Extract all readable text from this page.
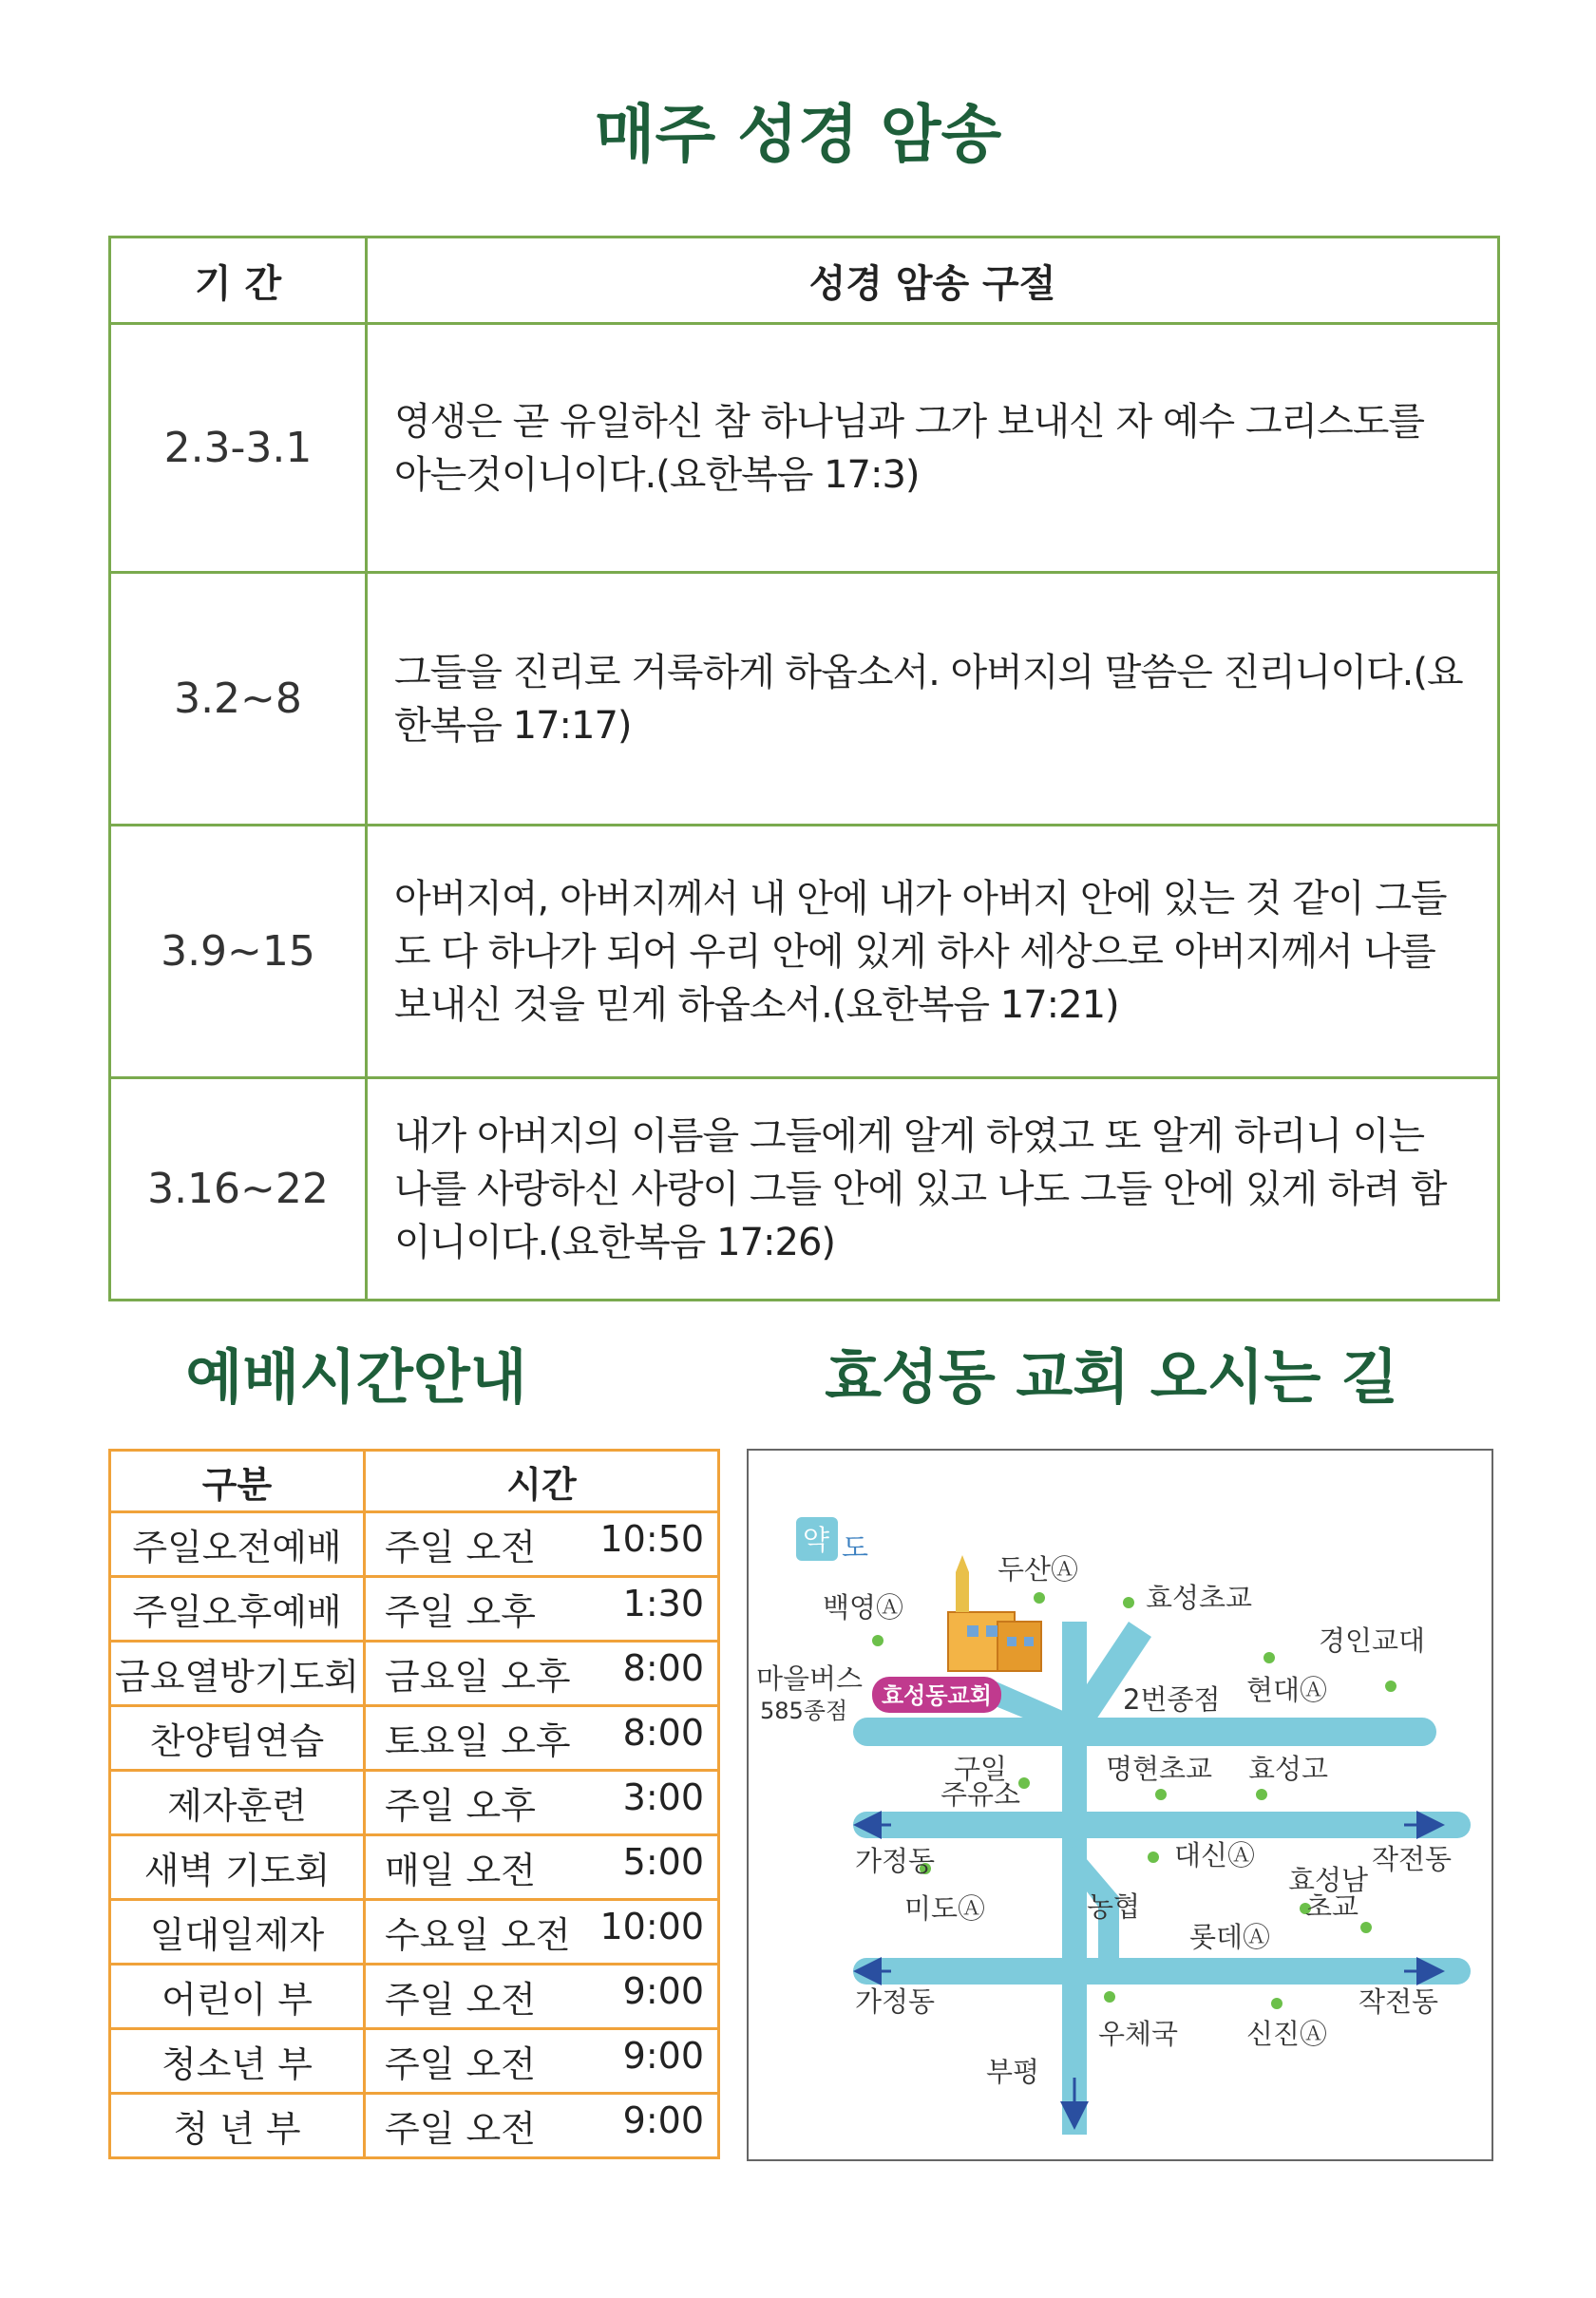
매주 성경 암송
기 간	성경 암송 구절
2.3-3.1	영생은 곧 유일하신 참 하나님과 그가 보내신 자 예수 그리스도를 아는것이니이다.(요한복음 17:3)
3.2~8	그들을 진리로 거룩하게 하옵소서. 아버지의 말씀은 진리니이다.(요한복음 17:17)
3.9~15	아버지여, 아버지께서 내 안에 내가 아버지 안에 있는 것 같이 그들도 다 하나가 되어 우리 안에 있게 하사 세상으로 아버지께서 나를 보내신 것을 믿게 하옵소서.(요한복음 17:21)
3.16~22	내가 아버지의 이름을 그들에게 알게 하였고 또 알게 하리니 이는 나를 사랑하신 사랑이 그들 안에 있고 나도 그들 안에 있게 하려 함이니이다.(요한복음 17:26)
예배시간안내	효성동 교회 오시는 길
구분	시간
주일오전예배	주일 오전 10:50

주일오후예배	주일 오후 1:30

금요열방기도회	금요일 오후 8:00

찬양팀연습	토요일 오후 8:00

제자훈련	주일 오후 3:00

새벽 기도회	매일 오전 5:00

일대일제자	수요일 오전 10:00

어린이 부	주일 오전 9:00

청소년 부	주일 오전 9:00

청 년 부	주일 오전 9:00
약 도
효성동교회
백영Ⓐ
두산Ⓐ
효성초교
경인교대
마을버스
585종점	2번종점 현대Ⓐ
구일
주유소
명현초교 효성고
가정동	대신Ⓐ
효성남
초교
작전동
미도Ⓐ	농협
롯데Ⓐ
가정동	작전동
우체국 신진Ⓐ
부평
